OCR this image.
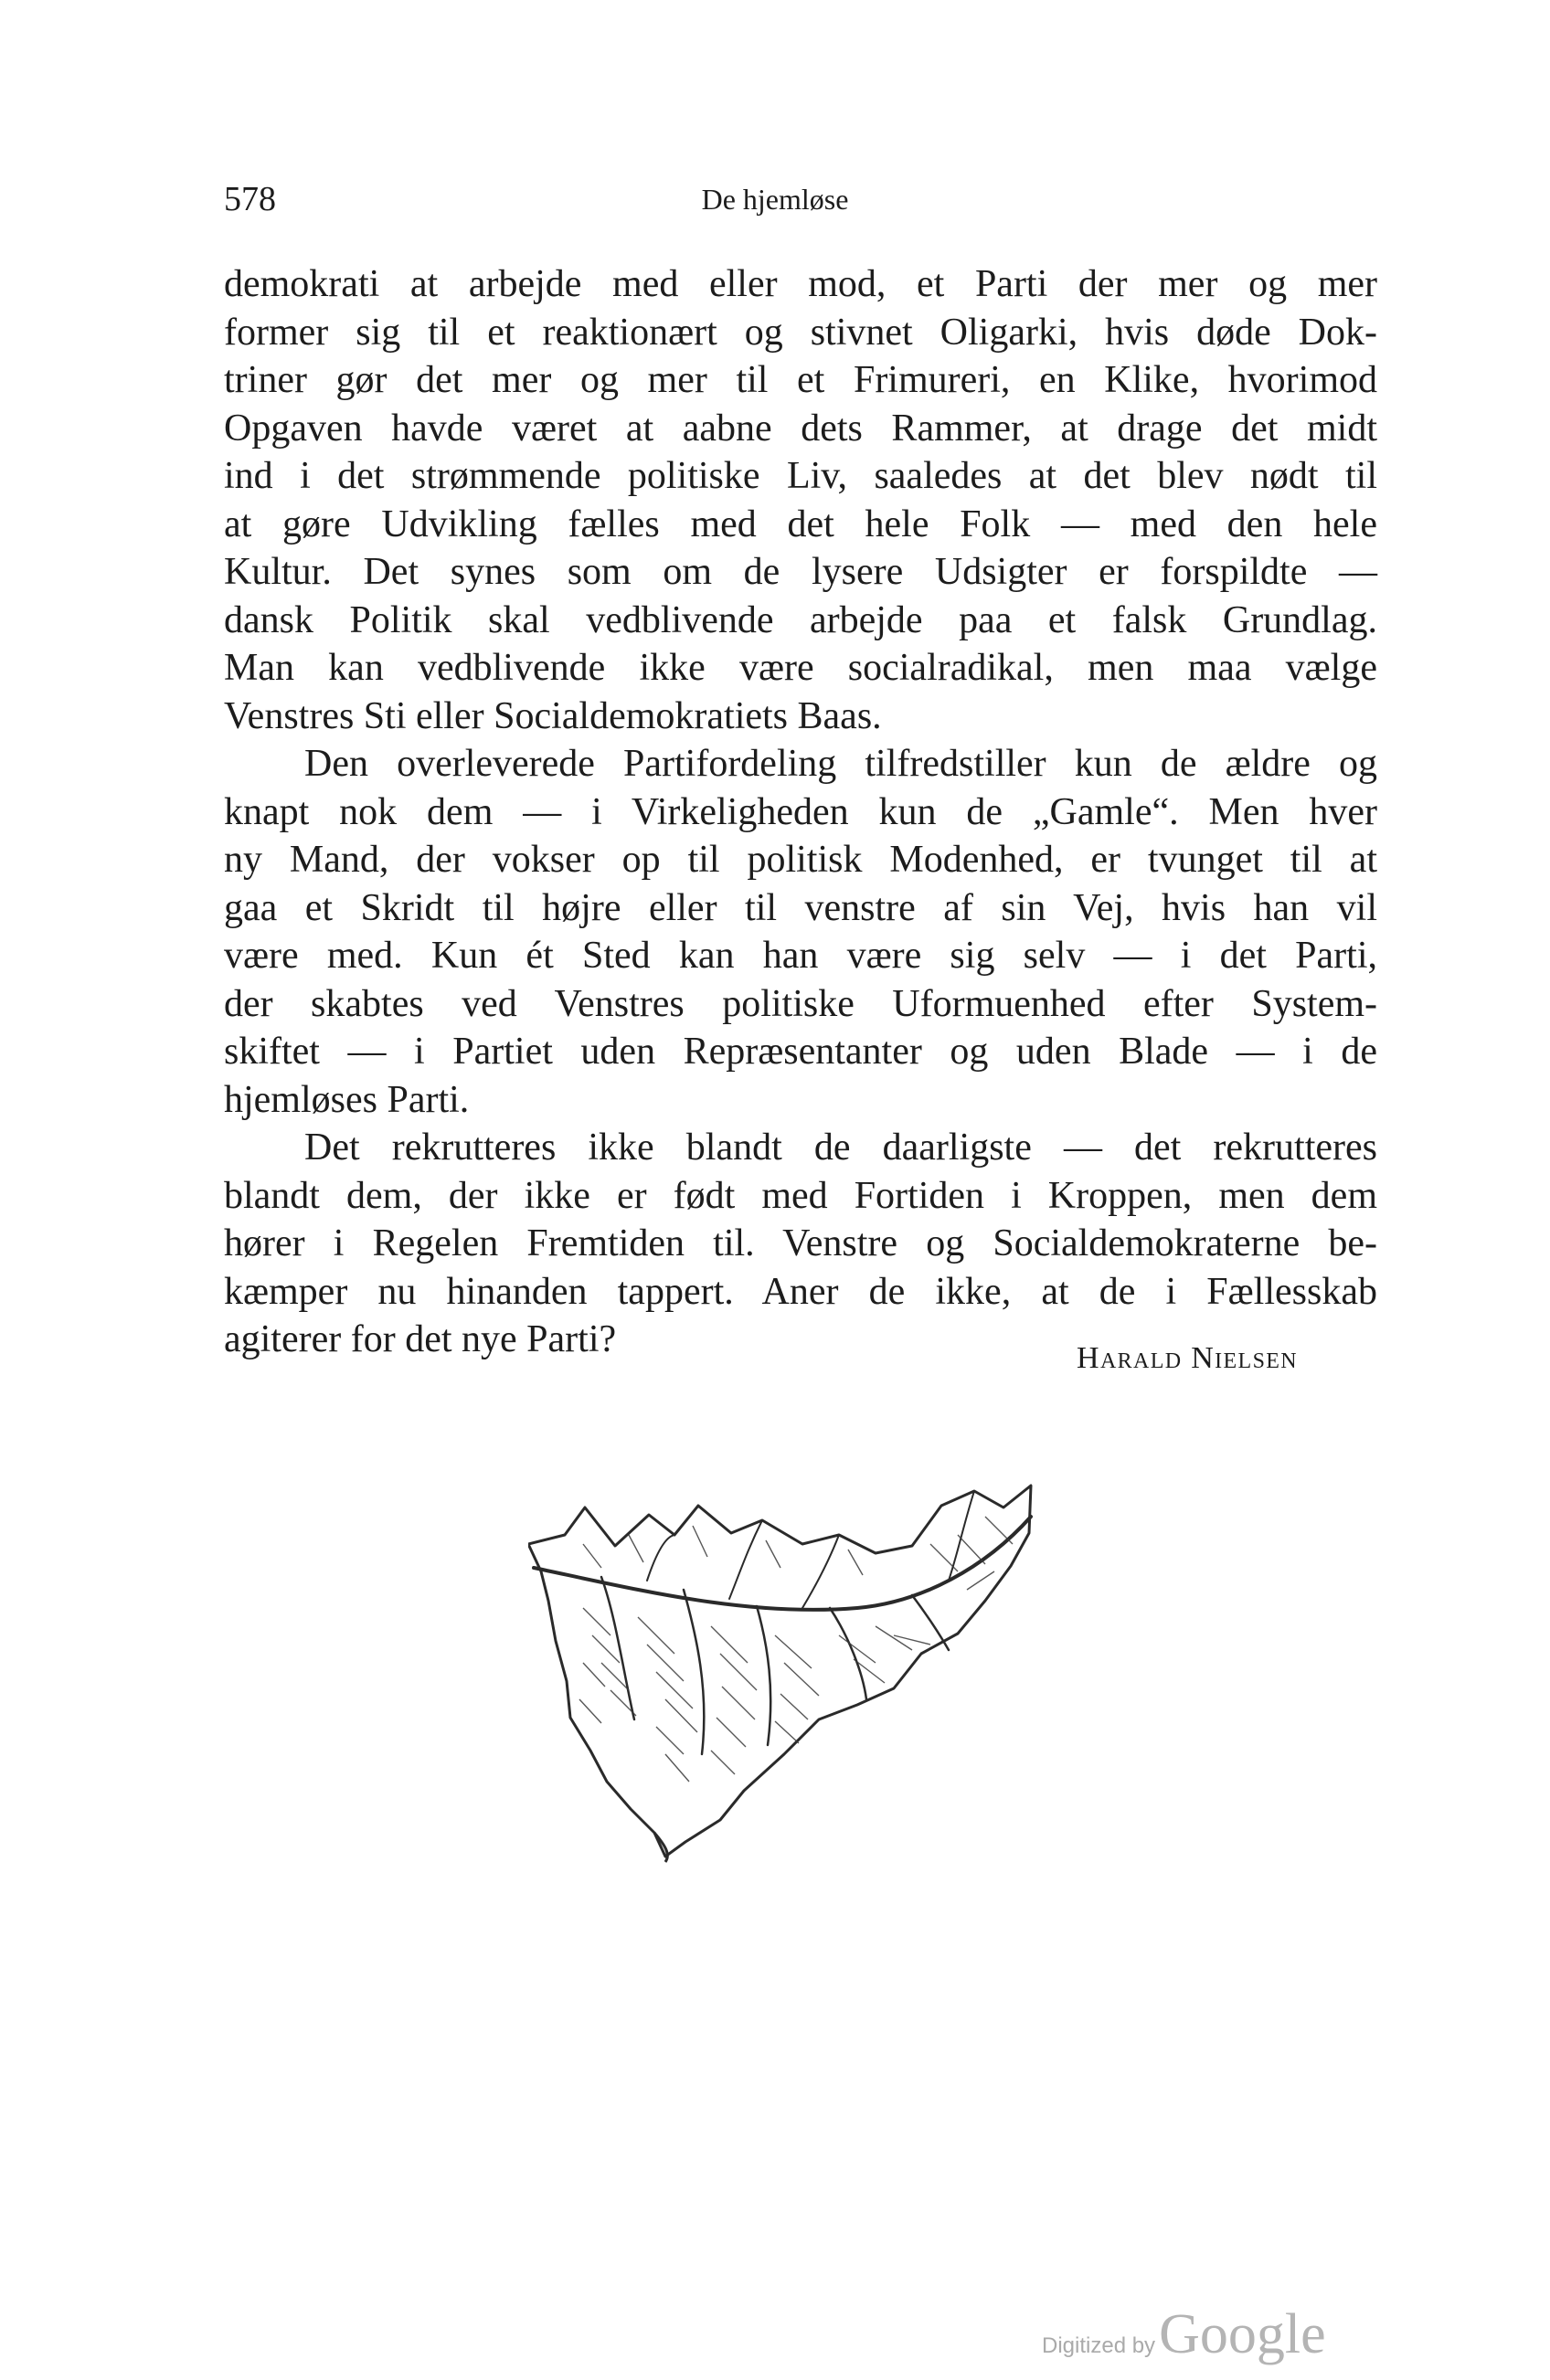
578	De hjemløse
demokrati at arbejde med eller mod, et Parti der mer og mer
former sig til et reaktionært og stivnet Oligarki, hvis døde Dok-
triner gør det mer og mer til et Frimureri, en Klike, hvorimod
Opgaven havde været at aabne dets Rammer, at drage det midt
ind i det strømmende politiske Liv, saaledes at det blev nødt til
at gøre Udvikling fælles med det hele Folk — med den hele
Kultur. Det synes som om de lysere Udsigter er forspildte —
dansk Politik skal vedblivende arbejde paa et falsk Grundlag.
Man kan vedblivende ikke være socialradikal, men maa vælge
Venstres Sti eller Socialdemokratiets Baas.
Den overleverede Partifordeling tilfredstiller kun de ældre og
knapt nok dem — i Virkeligheden kun de „Gamle“. Men hver
ny Mand, der vokser op til politisk Modenhed, er tvunget til at
gaa et Skridt til højre eller til venstre af sin Vej, hvis han vil
være med. Kun ét Sted kan han være sig selv — i det Parti,
der skabtes ved Venstres politiske Uformuenhed efter System-
skiftet — i Partiet uden Repræsentanter og uden Blade — i de
hjemløses Parti.
Det rekrutteres ikke blandt de daarligste — det rekrutteres
blandt dem, der ikke er født med Fortiden i Kroppen, men dem
hører i Regelen Fremtiden til. Venstre og Socialdemokraterne be-
kæmper nu hinanden tappert. Aner de ikke, at de i Fællesskab
agiterer for det nye Parti?	Harald Nielsen
Digitized by Google
